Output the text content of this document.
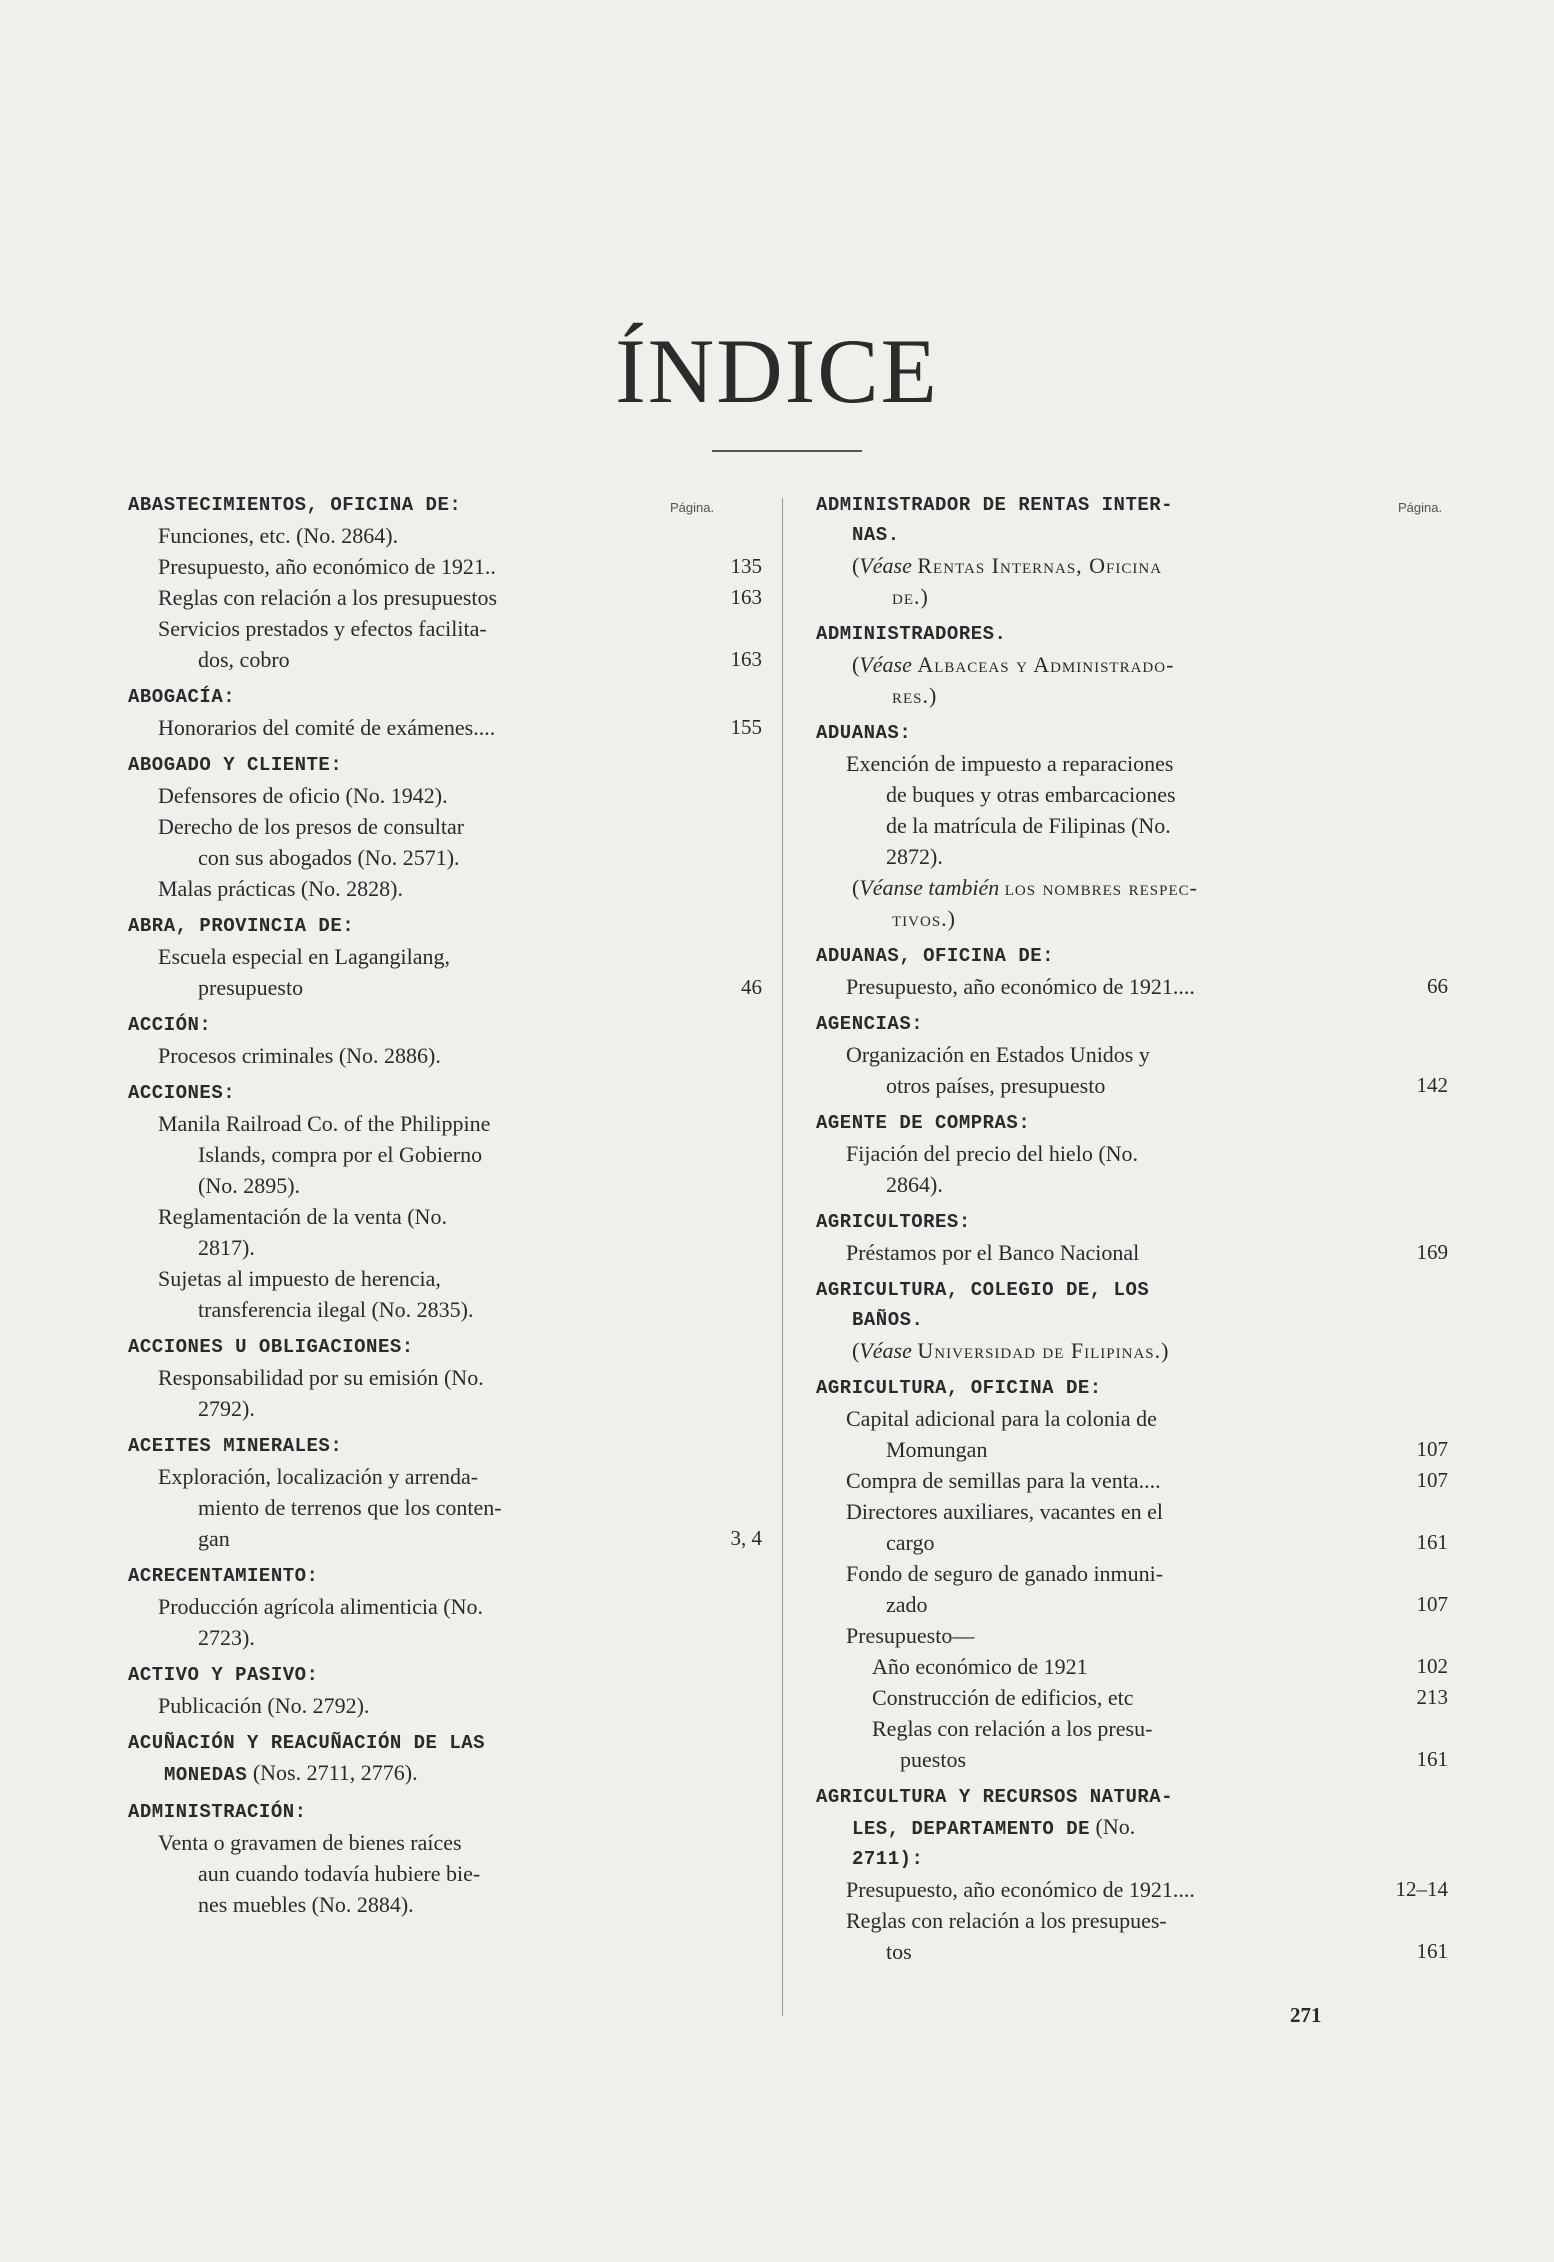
ÍNDICE
Página.	Página.
ABASTECIMIENTOS, OFICINA DE:
Funciones, etc. (No. 2864).
Presupuesto, año económico de 1921..	135
Reglas con relación a los presupuestos	163
Servicios prestados y efectos facilita-
dos, cobro	163
ABOGACÍA:
Honorarios del comité de exámenes....	155
ABOGADO Y CLIENTE:
Defensores de oficio (No. 1942).
Derecho de los presos de consultar
con sus abogados (No. 2571).
Malas prácticas (No. 2828).
ABRA, PROVINCIA DE:
Escuela especial en Lagangilang,
presupuesto	46
ACCIÓN:
Procesos criminales (No. 2886).
ACCIONES:
Manila Railroad Co. of the Philippine
Islands, compra por el Gobierno
(No. 2895).
Reglamentación de la venta (No.
2817).
Sujetas al impuesto de herencia,
transferencia ilegal (No. 2835).
ACCIONES U OBLIGACIONES:
Responsabilidad por su emisión (No.
2792).
ACEITES MINERALES:
Exploración, localización y arrenda-
miento de terrenos que los conten-
gan	3, 4
ACRECENTAMIENTO:
Producción agrícola alimenticia (No.
2723).
ACTIVO Y PASIVO:
Publicación (No. 2792).
ACUÑACIÓN Y REACUÑACIÓN DE LAS
MONEDAS (Nos. 2711, 2776).
ADMINISTRACIÓN:
Venta o gravamen de bienes raíces
aun cuando todavía hubiere bie-
nes muebles (No. 2884).
ADMINISTRADOR DE RENTAS INTER-
NAS.
(Véase Rentas Internas, Oficina
de.)
ADMINISTRADORES.
(Véase Albaceas y Administrado-
res.)
ADUANAS:
Exención de impuesto a reparaciones
de buques y otras embarcaciones
de la matrícula de Filipinas (No.
2872).
(Véanse también los nombres respec-
tivos.)
ADUANAS, OFICINA DE:
Presupuesto, año económico de 1921....	66
AGENCIAS:
Organización en Estados Unidos y
otros países, presupuesto	142
AGENTE DE COMPRAS:
Fijación del precio del hielo (No.
2864).
AGRICULTORES:
Préstamos por el Banco Nacional	169
AGRICULTURA, COLEGIO DE, LOS
BAÑOS.
(Véase Universidad de Filipinas.)
AGRICULTURA, OFICINA DE:
Capital adicional para la colonia de
Momungan	107
Compra de semillas para la venta....	107
Directores auxiliares, vacantes en el
cargo	161
Fondo de seguro de ganado inmuni-
zado	107
Presupuesto—
Año económico de 1921	102
Construcción de edificios, etc	213
Reglas con relación a los presu-
puestos	161
AGRICULTURA Y RECURSOS NATURA-
LES, DEPARTAMENTO DE (No.
2711):
Presupuesto, año económico de 1921....	12–14
Reglas con relación a los presupues-
tos	161
271
